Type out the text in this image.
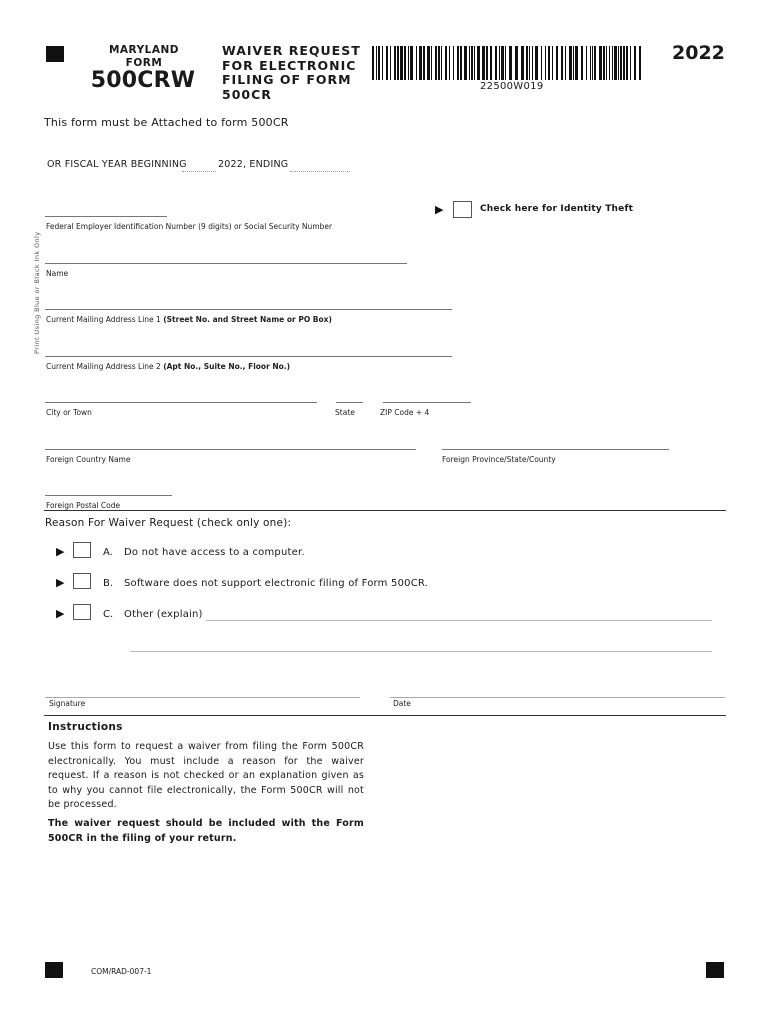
MARYLAND
FORM
500CRW
WAIVER REQUEST
FOR ELECTRONIC
FILING OF FORM
500CR	22500W019
2022
This form must be Attached to form 500CR
OR FISCAL YEAR BEGINNING	2022, ENDING
▶	Check here for Identity Theft
Print Using Blue or Black Ink Only
Federal Employer Identification Number (9 digits) or Social Security Number
Name
Current Mailing Address Line 1 (Street No. and Street Name or PO Box)
Current Mailing Address Line 2 (Apt No., Suite No., Floor No.)
City or Town	State	ZIP Code + 4
Foreign Country Name	Foreign Province/State/County
Foreign Postal Code
Reason For Waiver Request (check only one):
▶	A. Do not have access to a computer.
▶	B. Software does not support electronic filing of Form 500CR.
▶	C. Other (explain)
Signature	Date
Instructions
Use this form to request a waiver from filing the Form 500CR electronically. You must include a reason for the waiver request. If a reason is not checked or an explanation given as to why you cannot file electronically, the Form 500CR will not be processed.
The waiver request should be included with the Form 500CR in the filing of your return.
COM/RAD-007-1
